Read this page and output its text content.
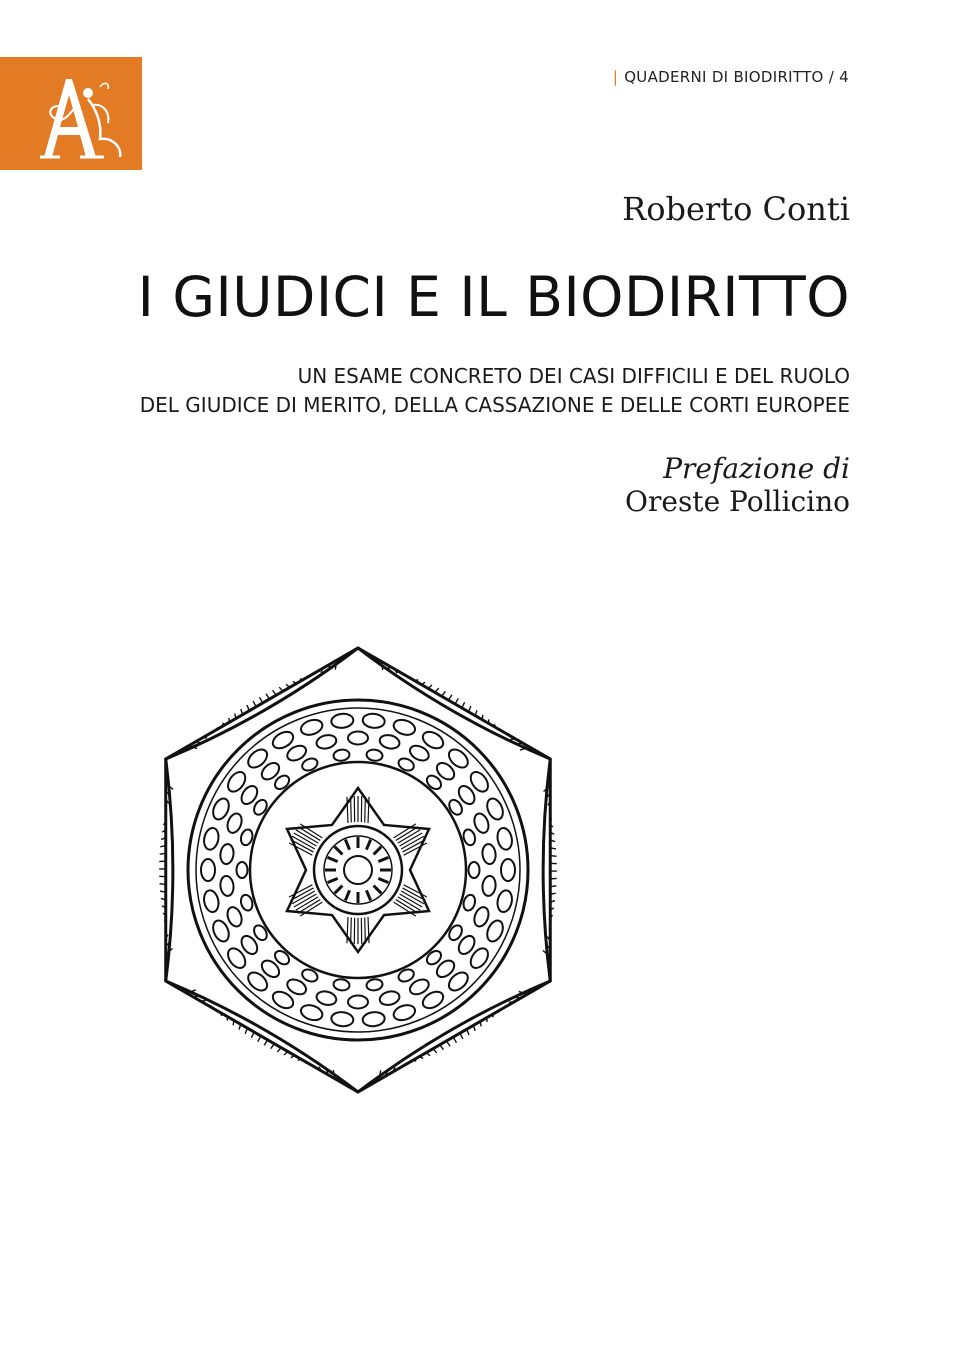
| QUADERNI DI BIODIRITTO / 4
Roberto Conti
I GIUDICI E IL BIODIRITTO
UN ESAME CONCRETO DEI CASI DIFFICILI E DEL RUOLO
DEL GIUDICE DI MERITO, DELLA CASSAZIONE E DELLE CORTI EUROPEE
Prefazione di
Oreste Pollicino
